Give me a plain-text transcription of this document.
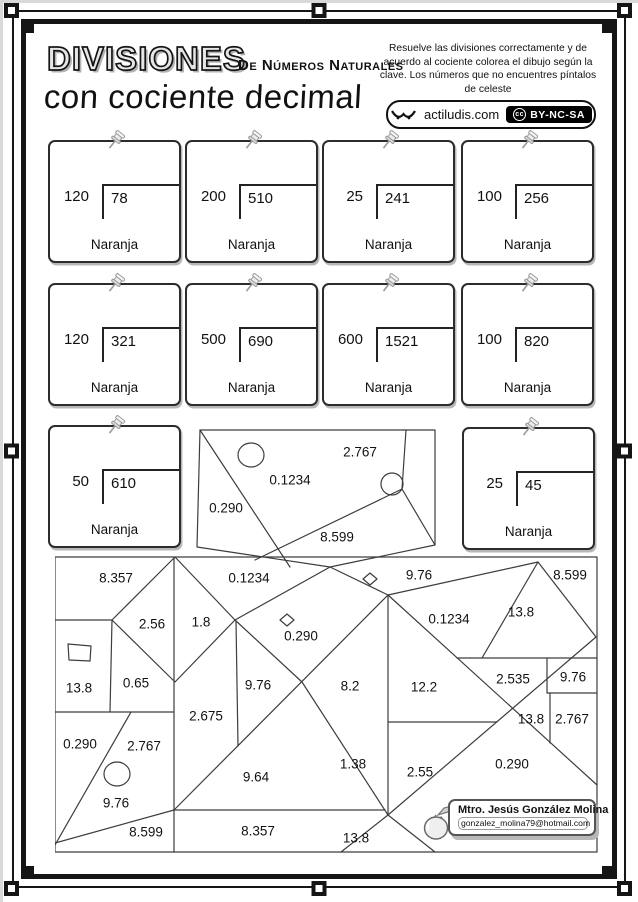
DIVISIONES
De Números Naturales
con cociente decimal
Resuelve las divisiones correctamente y de acuerdo al cociente colorea el dibujo según la clave. Los números que no encuentres píntalos de celeste
actiludis.com cc BY-NC-SA
120	78
Naranja
200	510
Naranja
25	241
Naranja
100	256
Naranja
120	321
Naranja
500	690
Naranja
600	1521
Naranja
100	820
Naranja
50	610
Naranja
25	45
Naranja
2.767
0.1234
0.290
8.599
8.357	0.1234	9.76	8.599
2.56 1.8	0.1234	13.8
0.290
0.65
13.8	9.76	8.2	12.2
2.535 9.76
2.675	13.8 2.767
0.290 2.767
9.64
1.38
2.55
0.290
9.76
8.599	8.357	13.8
Mtro. Jesús González Molina
gonzalez_molina79@hotmail.com
